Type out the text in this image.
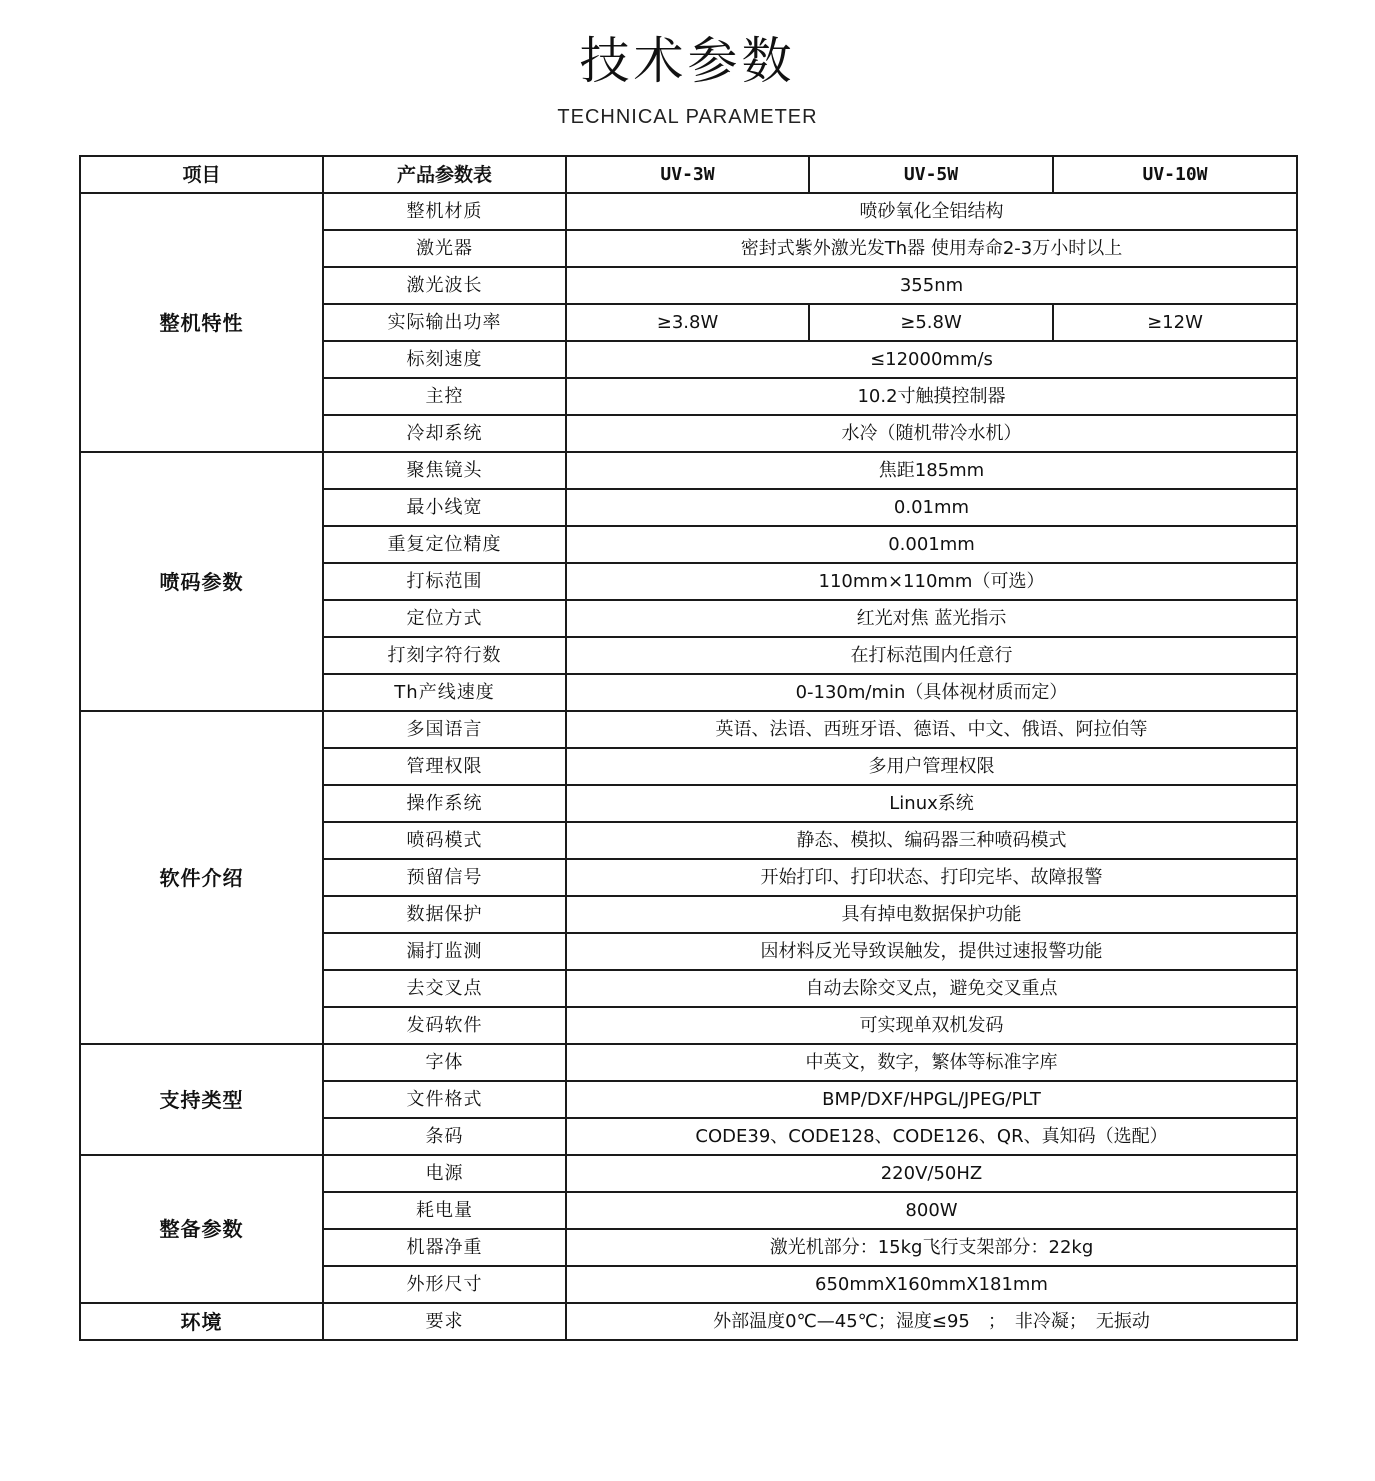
技术参数
TECHNICAL PARAMETER
项目	产品参数表	UV-3W	UV-5W	UV-10W
整机特性	整机材质	喷砂氧化全铝结构		
	激光器	密封式紫外激光发Th器 使用寿命2-3万小时以上		
	激光波长	355nm		
	实际输出功率	≥3.8W	≥5.8W	≥12W
	标刻速度	≤12000mm/s		
	主控	10.2寸触摸控制器		
	冷却系统	水冷（随机带冷水机）		
喷码参数	聚焦镜头	焦距185mm		
	最小线宽	0.01mm		
	重复定位精度	0.001mm		
	打标范围	110mm×110mm（可选）		
	定位方式	红光对焦 蓝光指示		
	打刻字符行数	在打标范围内任意行		
	Th产线速度	0-130m/min（具体视材质而定）		
软件介绍	多国语言	英语、法语、西班牙语、德语、中文、俄语、阿拉伯等		
	管理权限	多用户管理权限		
	操作系统	Linux系统		
	喷码模式	静态、模拟、编码器三种喷码模式		
	预留信号	开始打印、打印状态、打印完毕、故障报警		
	数据保护	具有掉电数据保护功能		
	漏打监测	因材料反光导致误触发，提供过速报警功能		
	去交叉点	自动去除交叉点，避免交叉重点		
	发码软件	可实现单双机发码		
支持类型	字体	中英文，数字，繁体等标准字库		
	文件格式	BMP/DXF/HPGL/JPEG/PLT		
	条码	CODE39、CODE128、CODE126、QR、真知码（选配）		
整备参数	电源	220V/50HZ		
	耗电量	800W		
	机器净重	激光机部分：15kg飞行支架部分：22kg		
	外形尺寸	650mmX160mmX181mm		
环境	要求	外部温度0℃—45℃；湿度≤95　；　非冷凝；　无振动		
